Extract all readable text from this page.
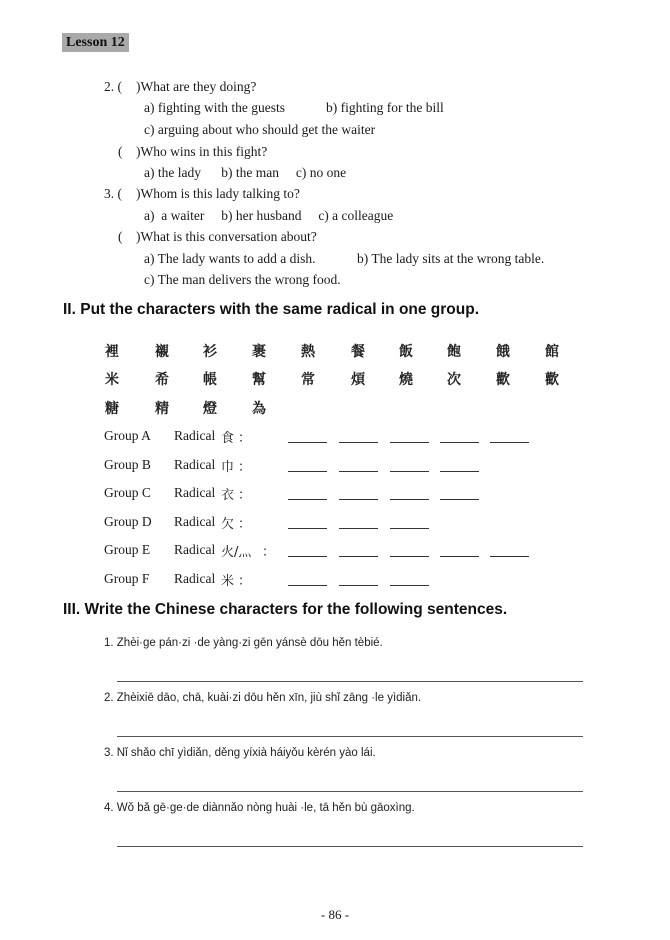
Lesson 12
2. ( )What are they doing?
a) fighting with the guests	b) fighting for the bill
c) arguing about who should get the waiter
( )Who wins in this fight?
a) the lady      b) the man     c) no one
3. ( )Whom is this lady talking to?
a)  a waiter     b) her husband     c) a colleague
( )What is this conversation about?
a) The lady wants to add a dish.	b) The lady sits at the wrong table.
c) The man delivers the wrong food.
II. Put the characters with the same radical in one group.
裡	襯 衫	裹	熱	餐 飯 飽	餓	館
米	希 帳	幫	常	煩 燒 次	歡	歡
糖	精 燈	為
Group A Radical 食 ：
Group B Radical 巾 ：
Group C Radical 衣 ：
Group D Radical 欠 ：
Group E Radical 火/灬 ：
Group F Radical 米 ：
III. Write the Chinese characters for the following sentences.
1. Zhèi·ge pán·zi ·de yàng·zi gēn yánsè dōu hěn tèbié.
2. Zhèixiē dāo, chā, kuài·zi dōu hěn xīn, jiù shǐ zāng ·le yìdiǎn.
3. Nǐ shǎo chī yìdiǎn, děng yíxià háiyǒu kèrén yào lái.
4. Wǒ bǎ gē·ge·de diànnǎo nòng huài ·le, tā hěn bù gāoxìng.
- 86 -
